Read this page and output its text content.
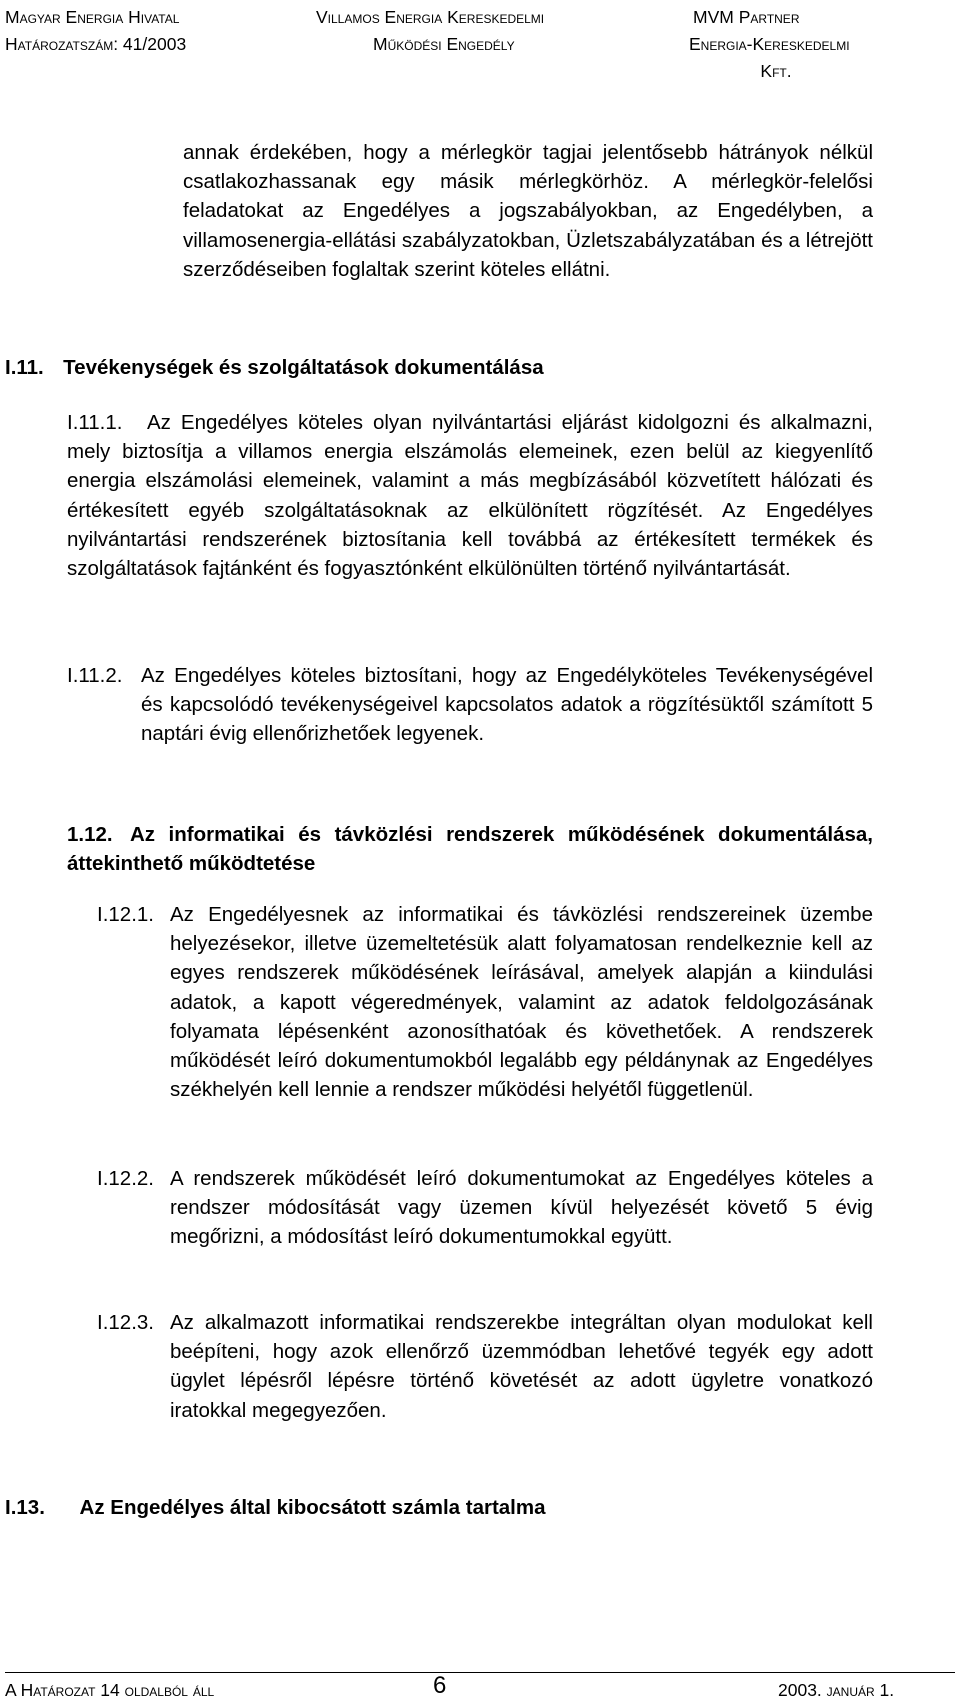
Magyar Energia Hivatal
Határozatszám: 41/2003
Villamos Energia Kereskedelmi
Működési Engedély
MVM Partner
Energia-Kereskedelmi
Kft.
annak érdekében, hogy a mérlegkör tagjai jelentősebb hátrányok nélkül csatlakozhassanak egy másik mérlegkörhöz. A mérlegkör-felelősi feladatokat az Engedélyes a jogszabályokban, az Engedélyben, a villamosenergia-ellátási szabályzatokban, Üzletszabályzatában és a létrejött szerződéseiben foglaltak szerint köteles ellátni.
I.11. Tevékenységek és szolgáltatások dokumentálása
I.11.1.	Az Engedélyes köteles olyan nyilvántartási eljárást kidolgozni és alkalmazni, mely biztosítja a villamos energia elszámolás elemeinek, ezen belül az kiegyenlítő energia elszámolási elemeinek, valamint a más megbízásából közvetített hálózati és értékesített egyéb szolgáltatásoknak az elkülönített rögzítését. Az Engedélyes nyilvántartási rendszerének biztosítania kell továbbá az értékesített termékek és szolgáltatások fajtánként és fogyasztónként elkülönülten történő nyilvántartását.
I.11.2. Az Engedélyes köteles biztosítani, hogy az Engedélyköteles Tevékenységével és kapcsolódó tevékenységeivel kapcsolatos adatok a rögzítésüktől számított 5 naptári évig ellenőrizhetőek legyenek.
1.12. Az informatikai és távközlési rendszerek működésének dokumentálása, áttekinthető működtetése
I.12.1. Az Engedélyesnek az informatikai és távközlési rendszereinek üzembe helyezésekor, illetve üzemeltetésük alatt folyamatosan rendelkeznie kell az egyes rendszerek működésének leírásával, amelyek alapján a kiindulási adatok, a kapott végeredmények, valamint az adatok feldolgozásának folyamata lépésenként azonosíthatóak és követhetőek. A rendszerek működését leíró dokumentumokból legalább egy példánynak az Engedélyes székhelyén kell lennie a rendszer működési helyétől függetlenül.
I.12.2. A rendszerek működését leíró dokumentumokat az Engedélyes köteles a rendszer módosítását vagy üzemen kívül helyezését követő 5 évig megőrizni, a módosítást leíró dokumentumokkal együtt.
I.12.3. Az alkalmazott informatikai rendszerekbe integráltan olyan modulokat kell beépíteni, hogy azok ellenőrző üzemmódban lehetővé tegyék egy adott ügylet lépésről lépésre történő követését az adott ügyletre vonatkozó iratokkal megegyezően.
I.13. Az Engedélyes által kibocsátott számla tartalma
A Határozat 14 oldalból áll	6	2003. január 1.
